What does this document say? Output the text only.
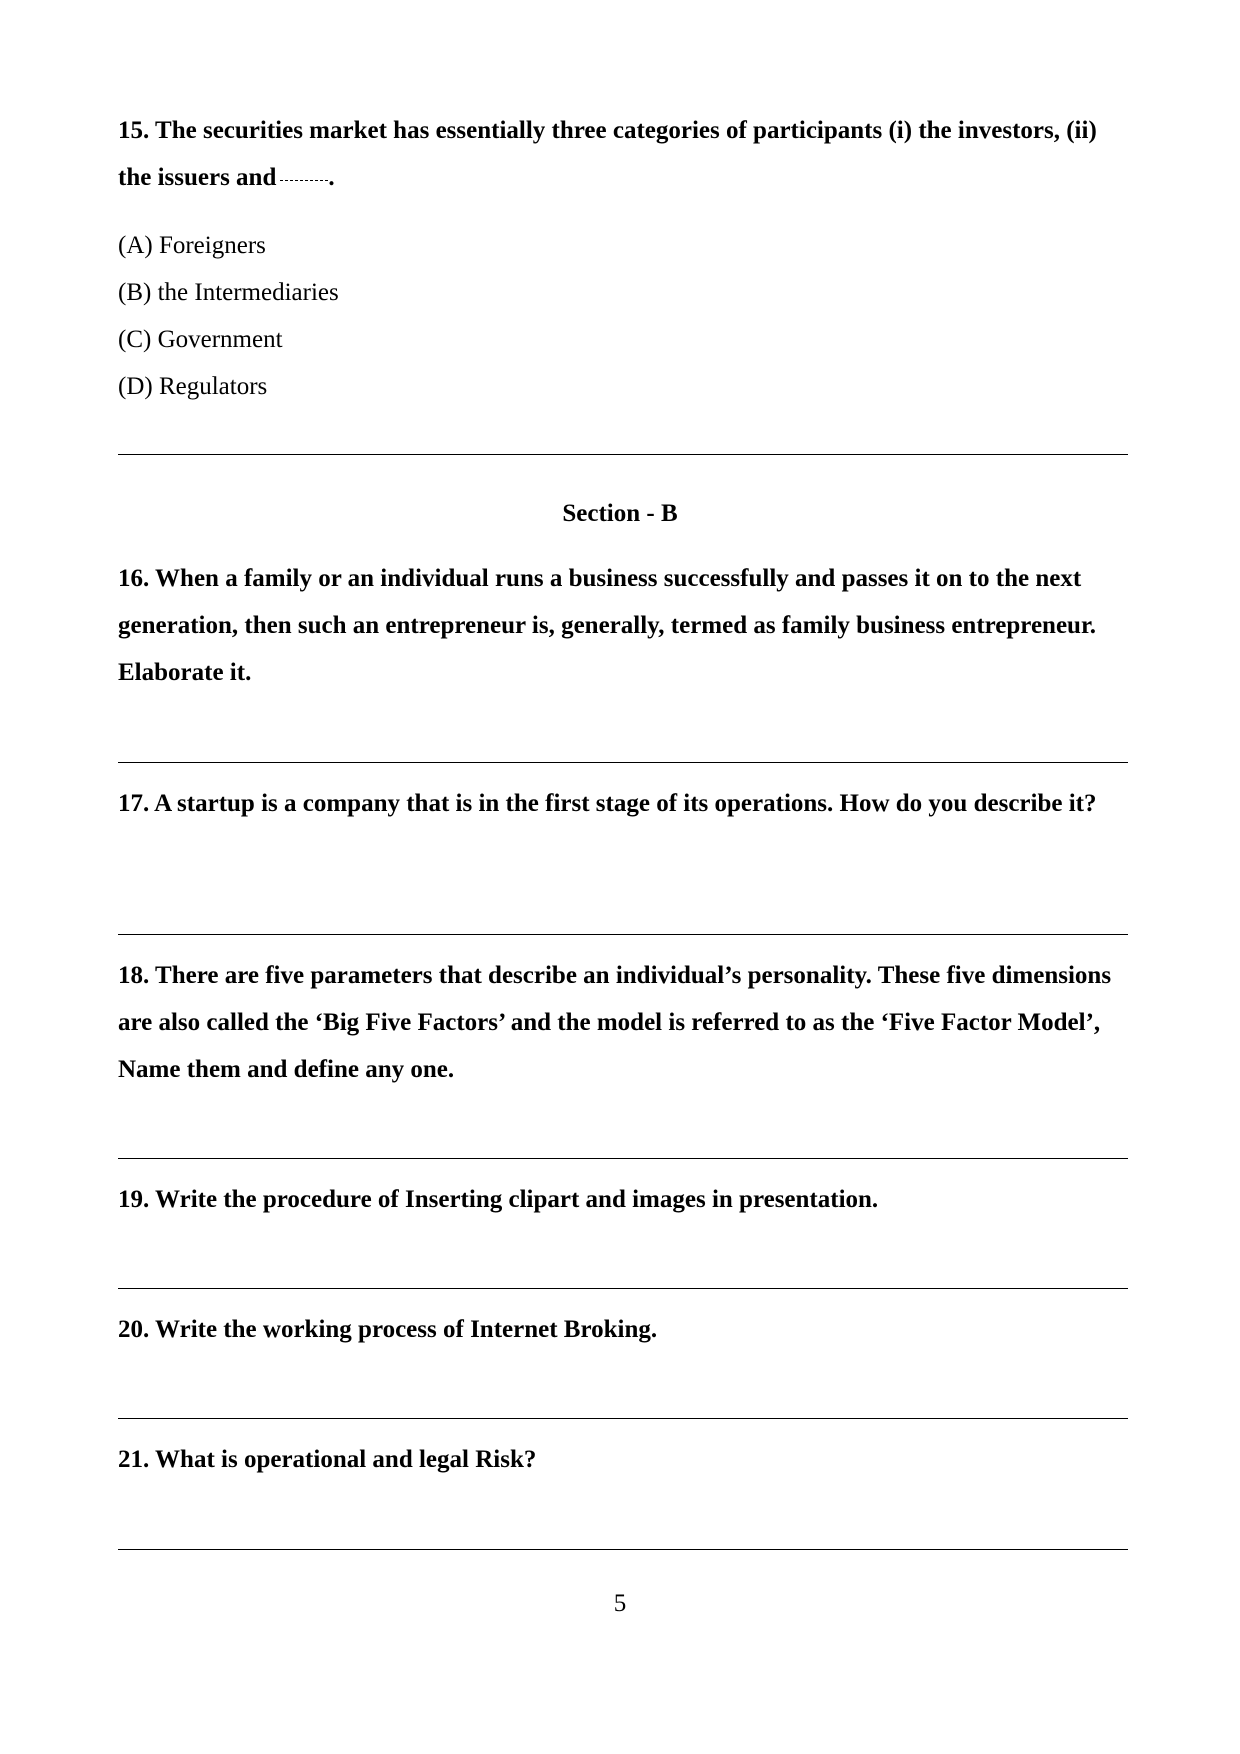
15. The securities market has essentially three categories of participants (i) the investors, (ii) the issuers and .

(A) Foreigners
(B) the Intermediaries
(C) Government
(D) Regulators
Section - B

16. When a family or an individual runs a business successfully and passes it on to the next generation, then such an entrepreneur is, generally, termed as family business entrepreneur. Elaborate it.

17. A startup is a company that is in the first stage of its operations. How do you describe it?

18. There are five parameters that describe an individual’s personality. These five dimensions are also called the ‘Big Five Factors’ and the model is referred to as the ‘Five Factor Model’, Name them and define any one.

19. Write the procedure of Inserting clipart and images in presentation.

20. Write the working process of Internet Broking.

21. What is operational and legal Risk?

5
